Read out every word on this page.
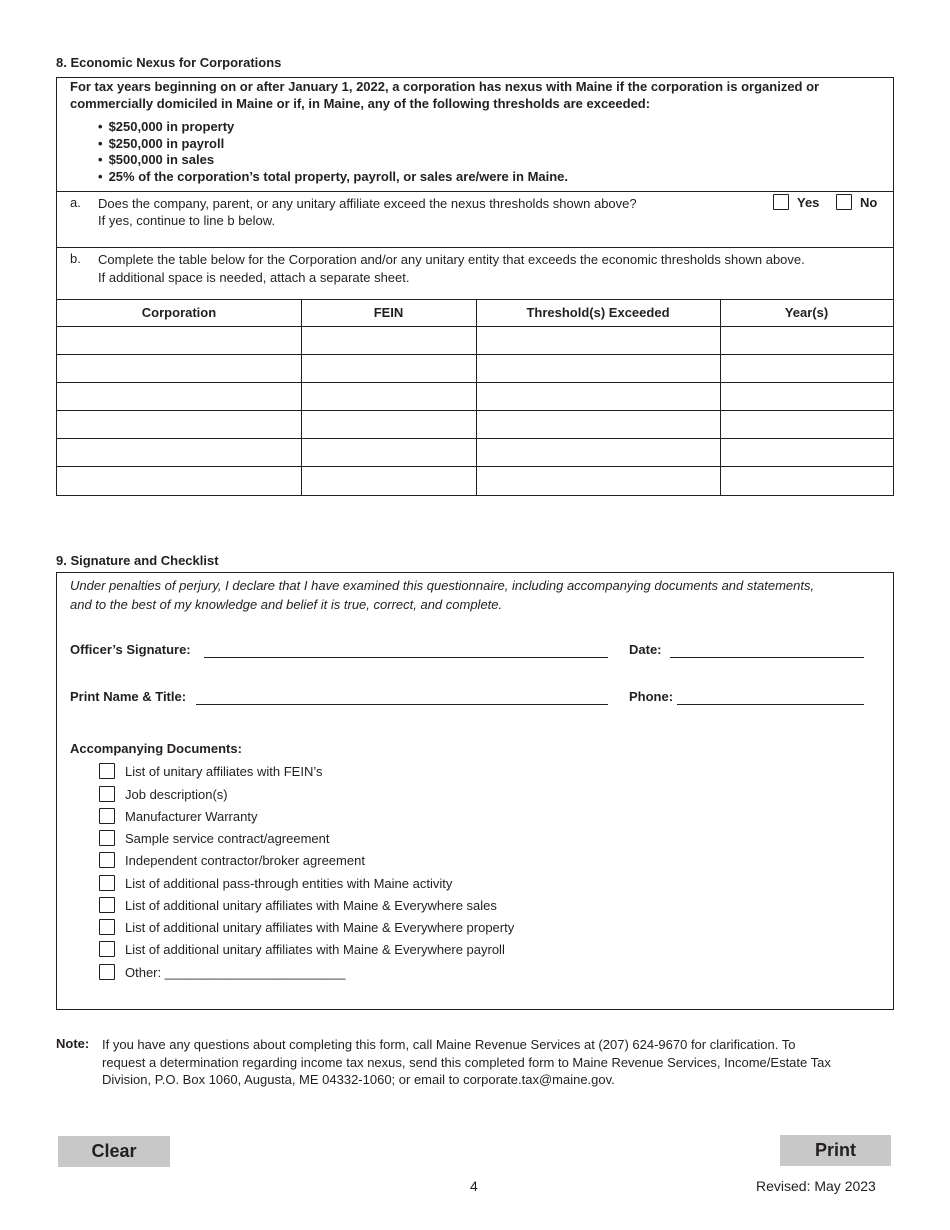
8. Economic Nexus for Corporations
For tax years beginning on or after January 1, 2022, a corporation has nexus with Maine if the corporation is organized or commercially domiciled in Maine or if, in Maine, any of the following thresholds are exceeded:
• $250,000 in property
• $250,000 in payroll
• $500,000 in sales
• 25% of the corporation’s total property, payroll, or sales are/were in Maine.
a. Does the company, parent, or any unitary affiliate exceed the nexus thresholds shown above?
If yes, continue to line b below.
Yes	No
b. Complete the table below for the Corporation and/or any unitary entity that exceeds the economic thresholds shown above.
If additional space is needed, attach a separate sheet.
Corporation	FEIN	Threshold(s) Exceeded	Year(s)
9. Signature and Checklist
Under penalties of perjury, I declare that I have examined this questionnaire, including accompanying documents and statements,
and to the best of my knowledge and belief it is true, correct, and complete.
Officer’s Signature:	Date:
Print Name & Title:	Phone:
Accompanying Documents:
List of unitary affiliates with FEIN’s
Job description(s)
Manufacturer Warranty
Sample service contract/agreement
Independent contractor/broker agreement
List of additional pass-through entities with Maine activity
List of additional unitary affiliates with Maine & Everywhere sales
List of additional unitary affiliates with Maine & Everywhere property
List of additional unitary affiliates with Maine & Everywhere payroll
Other: _________________________
Note: If you have any questions about completing this form, call Maine Revenue Services at (207) 624-9670 for clarification. To
request a determination regarding income tax nexus, send this completed form to Maine Revenue Services, Income/Estate Tax
Division, P.O. Box 1060, Augusta, ME 04332-1060; or email to corporate.tax@maine.gov.
Clear	Print
4	Revised: May 2023
